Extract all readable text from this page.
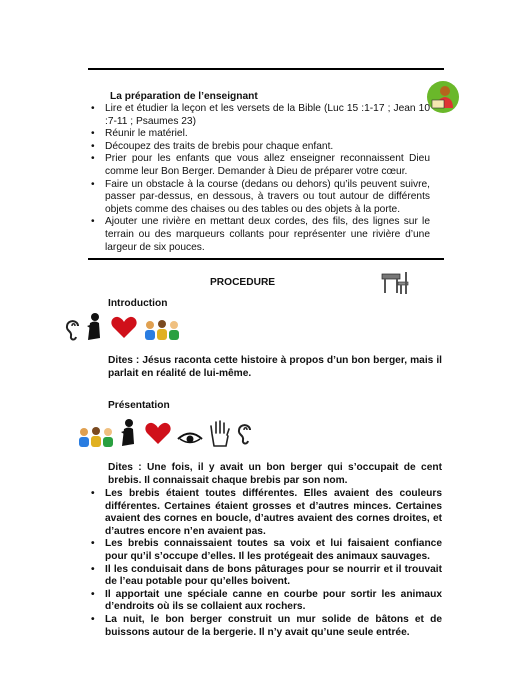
La préparation de l’enseignant
• Lire et étudier la leçon et les versets de la Bible (Luc 15 :1-17 ; Jean 10 :7-11 ; Psaumes 23)
• Réunir le matériel.
• Découpez des traits de brebis pour chaque enfant.
• Prier pour les enfants que vous allez enseigner reconnaissent Dieu comme leur Bon Berger. Demander à Dieu de préparer votre cœur.
• Faire un obstacle à la course (dedans ou dehors) qu’ils peuvent suivre, passer par-dessus, en dessous, à travers ou tout autour de différents objets comme des chaises ou des tables ou des objets à la porte.
• Ajouter une rivière en mettant deux cordes, des fils, des lignes sur le terrain ou des marqueurs collants pour représenter une rivière d’une largeur de six pouces.
PROCEDURE
Introduction
Dites : Jésus raconta cette histoire à propos d’un bon berger, mais il parlait en réalité de lui-même.
Présentation
Dites : Une fois, il y avait un bon berger qui s’occupait de cent brebis. Il connaissait chaque brebis par son nom.
• Les brebis étaient toutes différentes. Elles avaient des couleurs différentes. Certaines étaient grosses et d’autres minces. Certaines avaient des cornes en boucle, d’autres avaient des cornes droites, et d’autres encore n’en avaient pas.
• Les brebis connaissaient toutes sa voix et lui faisaient confiance pour qu’il s’occupe d’elles. Il les protégeait des animaux sauvages.
• Il les conduisait dans de bons pâturages pour se nourrir et il trouvait de l’eau potable pour qu’elles boivent.
• Il apportait une spéciale canne en courbe pour sortir les animaux d’endroits où ils se collaient aux rochers.
• La nuit, le bon berger construit un mur solide de bâtons et de buissons autour de la bergerie. Il n’y avait qu’une seule entrée.
